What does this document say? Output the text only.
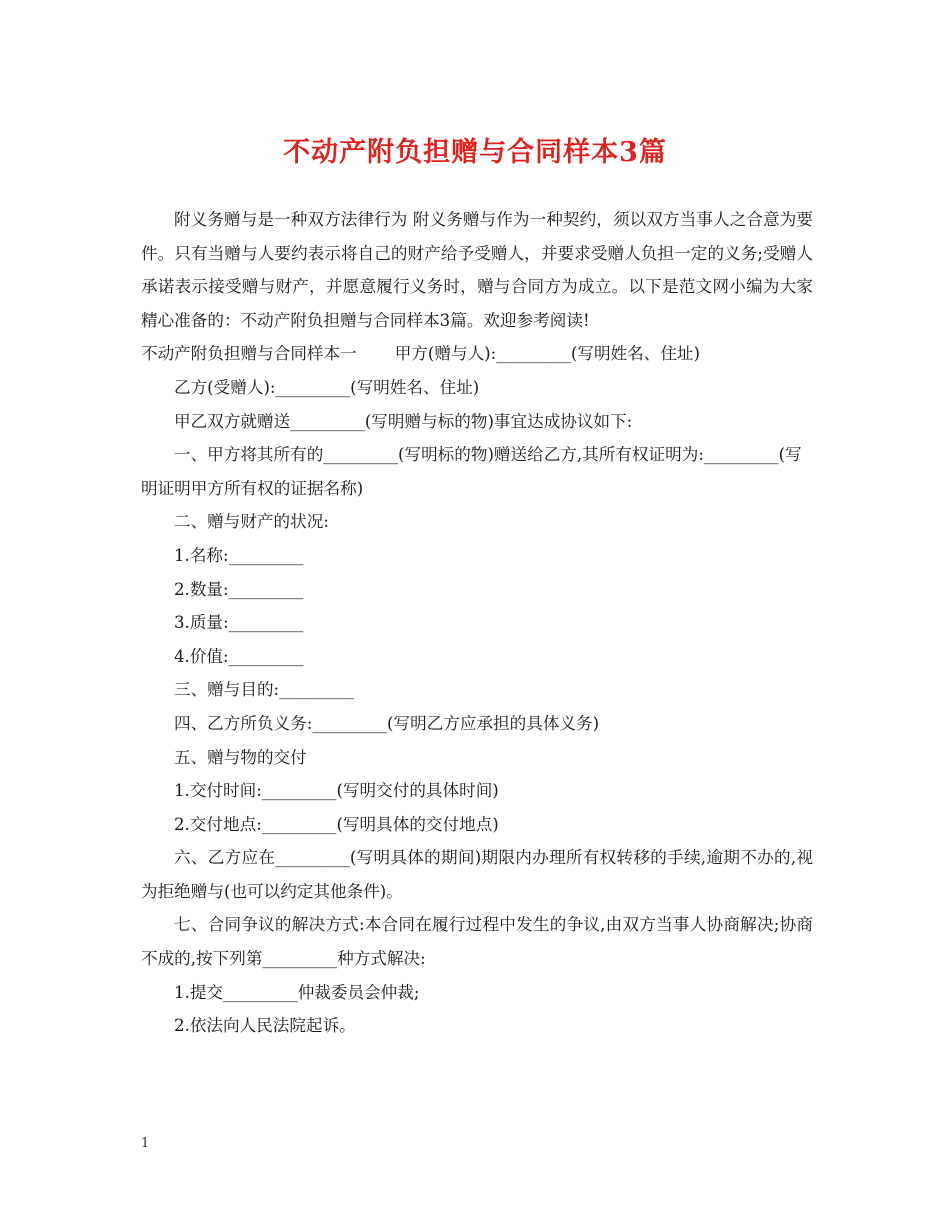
不动产附负担赠与合同样本3篇

附义务赠与是一种双方法律行为 附义务赠与作为一种契约，须以双方当事人之合意为要件。只有当赠与人要约表示将自己的财产给予受赠人，并要求受赠人负担一定的义务;受赠人承诺表示接受赠与财产，并愿意履行义务时，赠与合同方为成立。以下是范文网小编为大家精心准备的：不动产附负担赠与合同样本3篇。欢迎参考阅读!

不动产附负担赠与合同样本一 甲方(赠与人):_________(写明姓名、住址)

乙方(受赠人):_________(写明姓名、住址)

甲乙双方就赠送_________(写明赠与标的物)事宜达成协议如下:

一、甲方将其所有的_________(写明标的物)赠送给乙方,其所有权证明为:_________(写明证明甲方所有权的证据名称)

二、赠与财产的状况:

1.名称:_________

2.数量:_________

3.质量:_________

4.价值:_________

三、赠与目的:_________

四、乙方所负义务:_________(写明乙方应承担的具体义务)

五、赠与物的交付

1.交付时间:_________(写明交付的具体时间)

2.交付地点:_________(写明具体的交付地点)

六、乙方应在_________(写明具体的期间)期限内办理所有权转移的手续,逾期不办的,视为拒绝赠与(也可以约定其他条件)。

七、合同争议的解决方式:本合同在履行过程中发生的争议,由双方当事人协商解决;协商不成的,按下列第_________种方式解决:

1.提交_________仲裁委员会仲裁;

2.依法向人民法院起诉。

1
